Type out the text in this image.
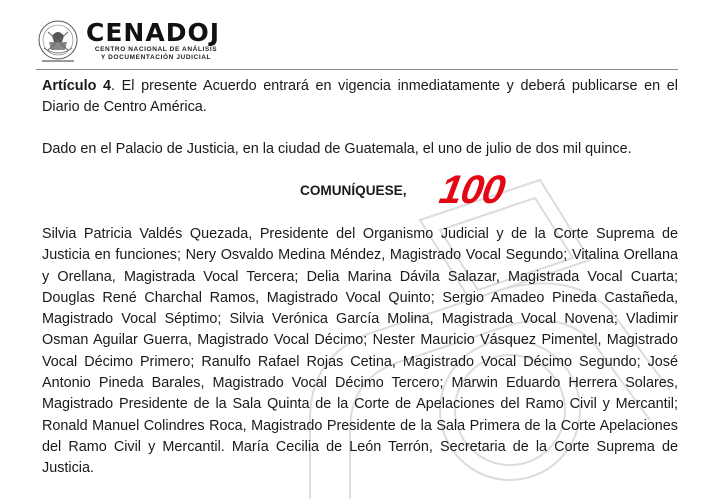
CENADOJ
CENTRO NACIONAL DE ANÁLISIS
Y DOCUMENTACIÓN JUDICIAL
Artículo 4. El presente Acuerdo entrará en vigencia inmediatamente y deberá publicarse en el Diario de Centro América.
Dado en el Palacio de Justicia, en la ciudad de Guatemala, el uno de julio de dos mil quince.
COMUNÍQUESE, 100
Silvia Patricia Valdés Quezada, Presidente del Organismo Judicial y de la Corte Suprema de Justicia en funciones; Nery Osvaldo Medina Méndez, Magistrado Vocal Segundo; Vitalina Orellana y Orellana, Magistrada Vocal Tercera; Delia Marina Dávila Salazar, Magistrada Vocal Cuarta; Douglas René Charchal Ramos, Magistrado Vocal Quinto; Sergio Amadeo Pineda Castañeda, Magistrado Vocal Séptimo; Silvia Verónica García Molina, Magistrada Vocal Novena; Vladimir Osman Aguilar Guerra, Magistrado Vocal Décimo; Nester Mauricio Vásquez Pimentel, Magistrado Vocal Décimo Primero; Ranulfo Rafael Rojas Cetina, Magistrado Vocal Décimo Segundo; José Antonio Pineda Barales, Magistrado Vocal Décimo Tercero; Marwin Eduardo Herrera Solares, Magistrado Presidente de la Sala Quinta de la Corte de Apelaciones del Ramo Civil y Mercantil; Ronald Manuel Colindres Roca, Magistrado Presidente de la Sala Primera de la Corte Apelaciones del Ramo Civil y Mercantil. María Cecilia de León Terrón, Secretaria de la Corte Suprema de Justicia.
